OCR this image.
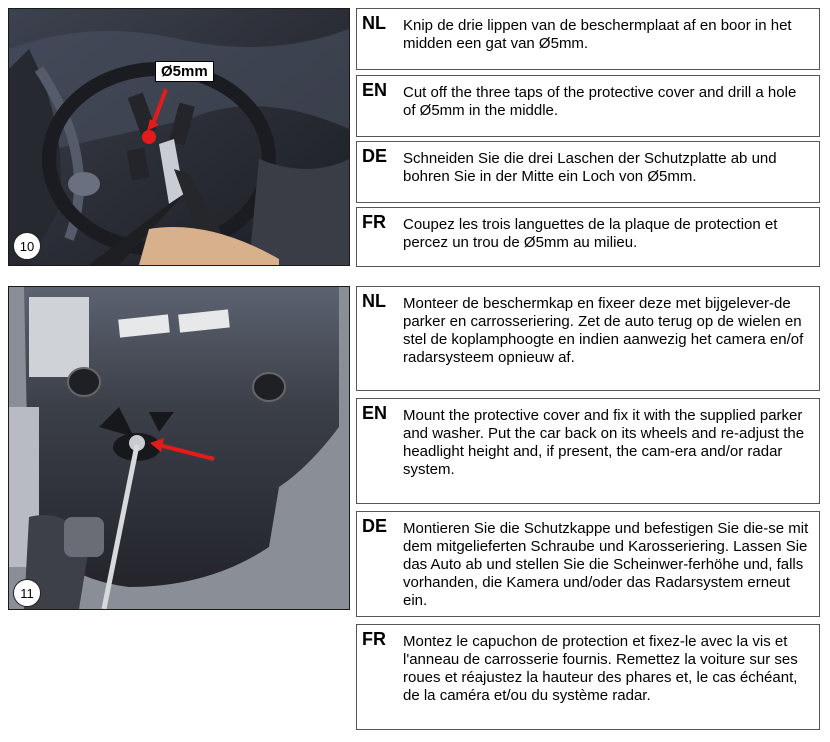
Ø5mm
10
NL Knip de drie lippen van de beschermplaat af en boor in het midden een gat van Ø5mm.
EN Cut off the three taps of the protective cover and drill a hole of Ø5mm in the middle.
DE Schneiden Sie die drei Laschen der Schutzplatte ab und bohren Sie in der Mitte ein Loch von Ø5mm.
FR Coupez les trois languettes de la plaque de protection et percez un trou de Ø5mm au milieu.
11
NL Monteer de beschermkap en fixeer deze met bijgelever-de parker en carrosseriering. Zet de auto terug op de wielen en stel de koplamphoogte en indien aanwezig het camera en/of radarsysteem opnieuw af.
EN Mount the protective cover and fix it with the supplied parker and washer. Put the car back on its wheels and re-adjust the headlight height and, if present, the cam-era and/or radar system.
DE Montieren Sie die Schutzkappe und befestigen Sie die-se mit dem mitgelieferten Schraube und Karosseriering. Lassen Sie das Auto ab und stellen Sie die Scheinwer-ferhöhe und, falls vorhanden, die Kamera und/oder das Radarsystem erneut ein.
FR Montez le capuchon de protection et fixez-le avec la vis et l'anneau de carrosserie fournis. Remettez la voiture sur ses roues et réajustez la hauteur des phares et, le cas échéant, de la caméra et/ou du système radar.
